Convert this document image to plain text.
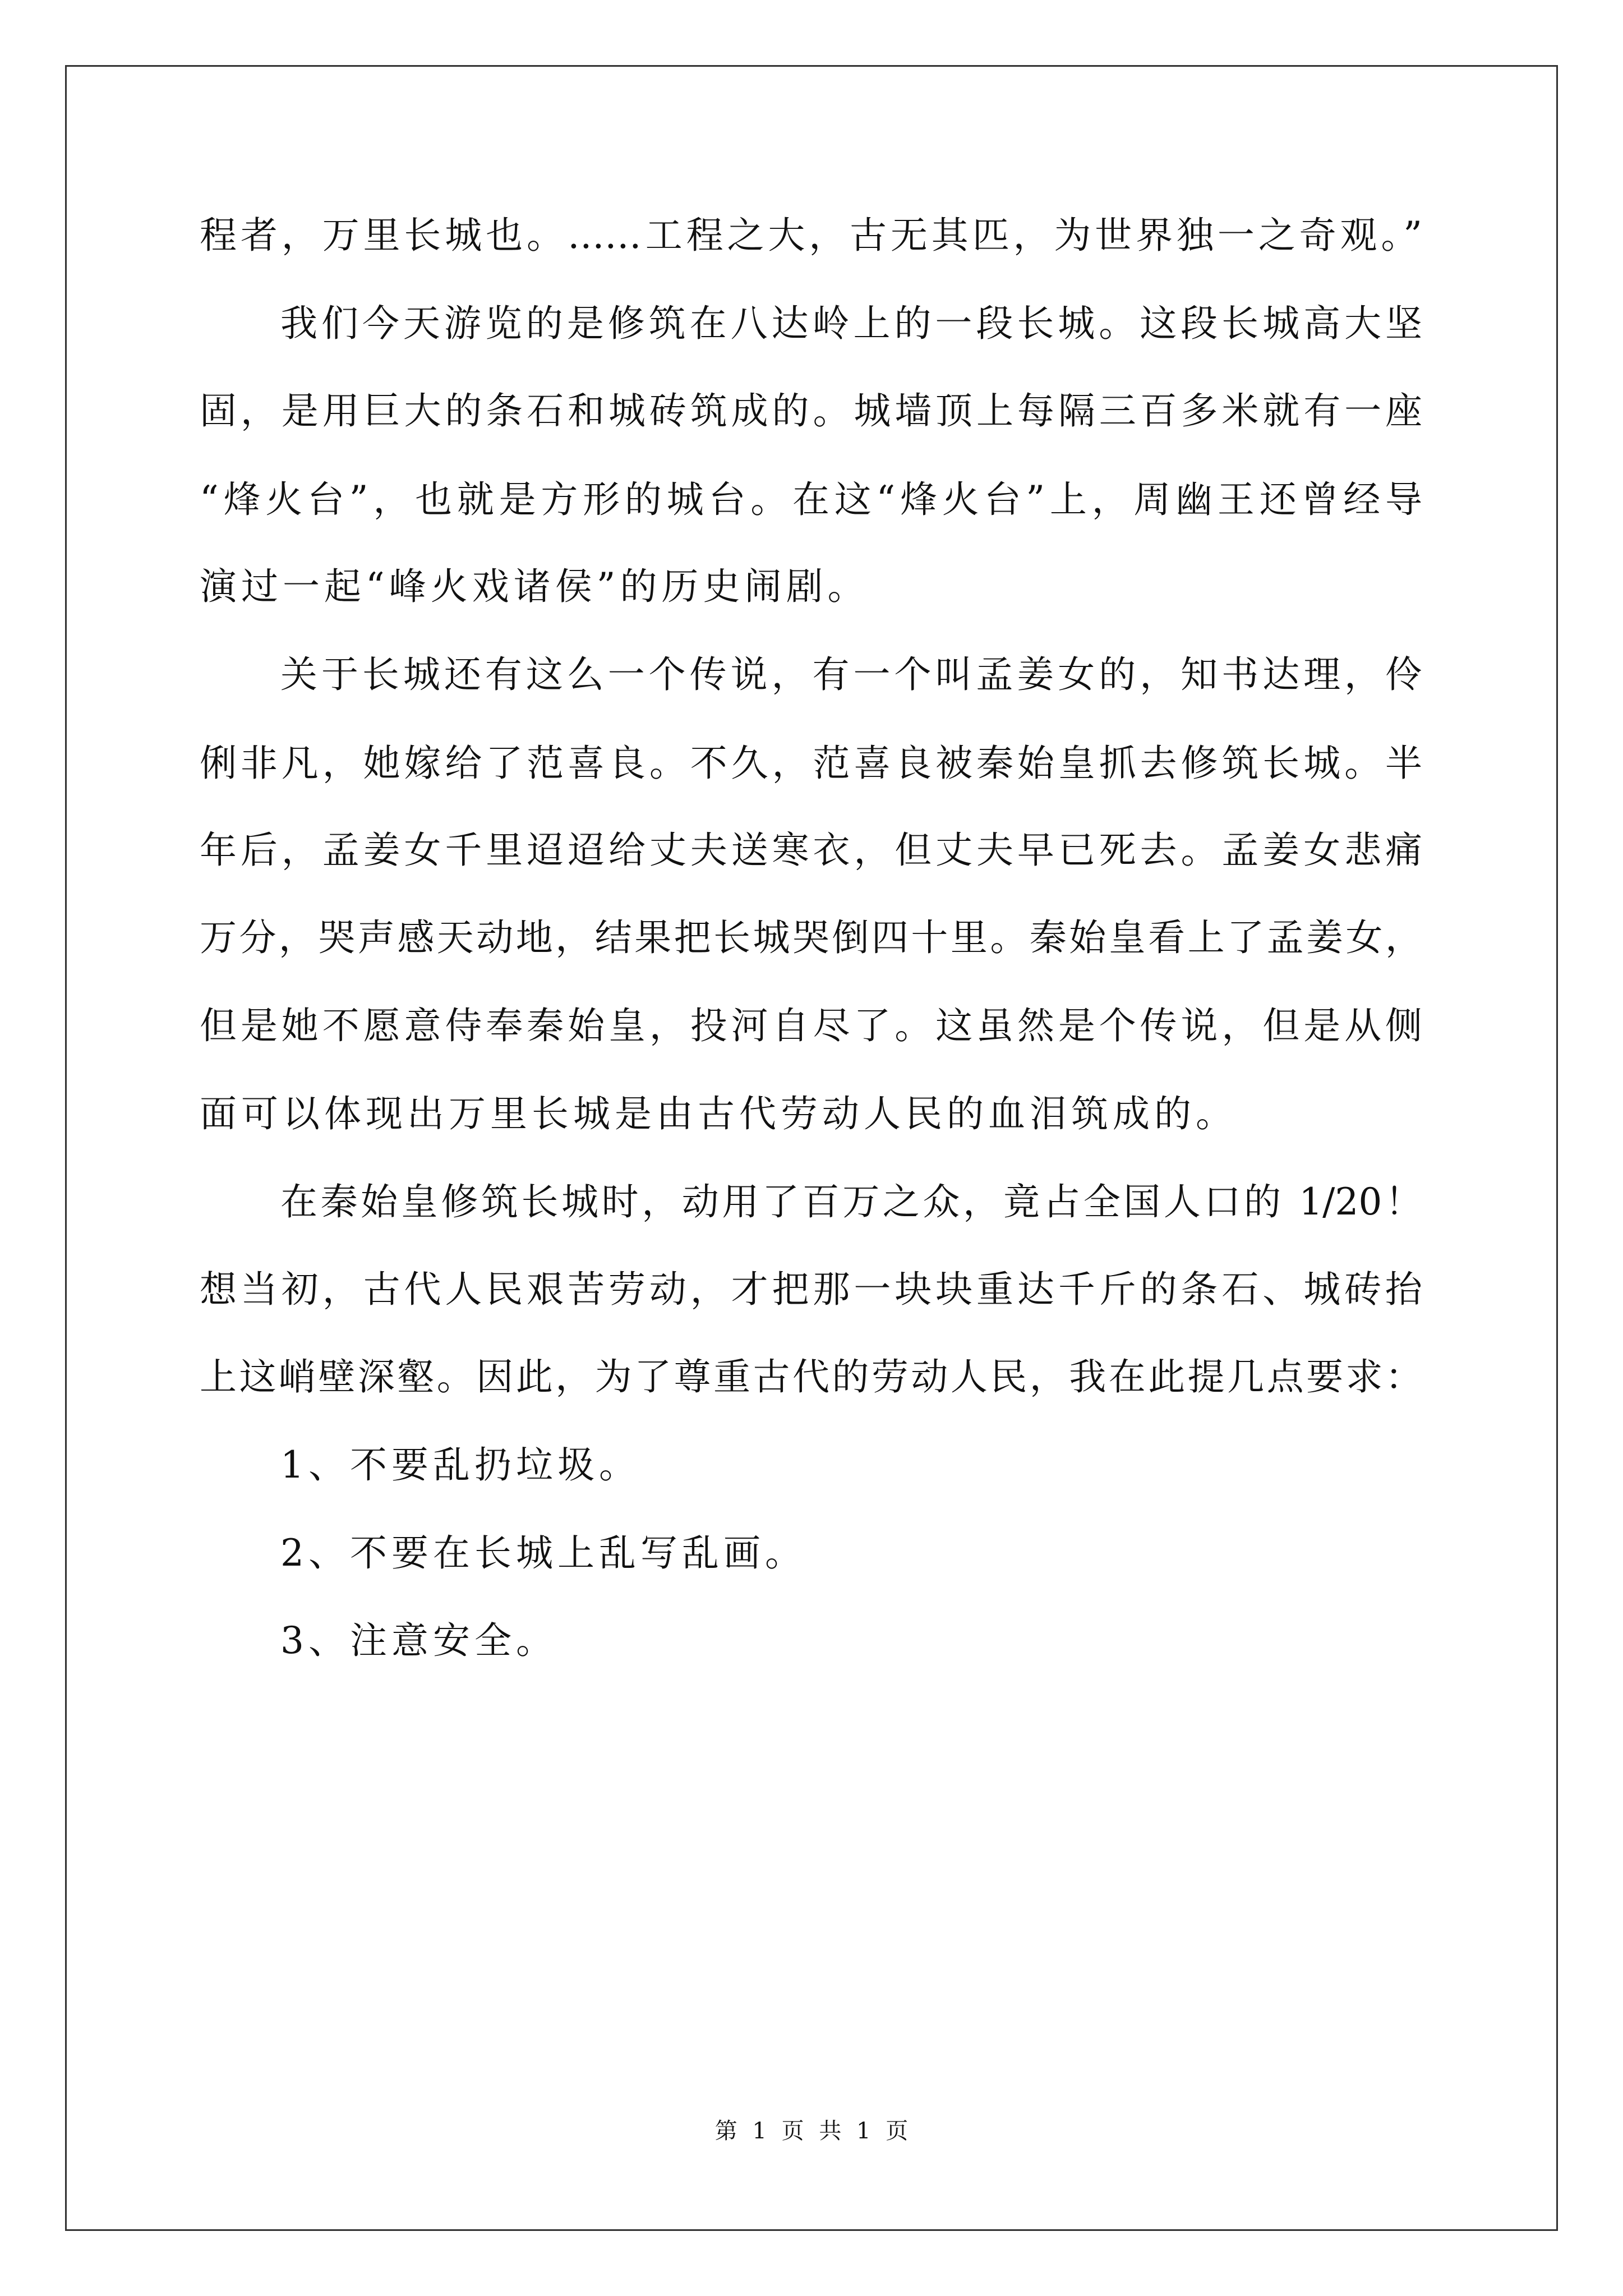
程者，万里长城也。……工程之大，古无其匹，为世界独一之奇观。”
我们今天游览的是修筑在八达岭上的一段长城。这段长城高大坚
固，是用巨大的条石和城砖筑成的。城墙顶上每隔三百多米就有一座
“烽火台”，也就是方形的城台。在这“烽火台”上，周幽王还曾经导
演过一起“峰火戏诸侯”的历史闹剧。
关于长城还有这么一个传说，有一个叫孟姜女的，知书达理，伶
俐非凡，她嫁给了范喜良。不久，范喜良被秦始皇抓去修筑长城。半
年后，孟姜女千里迢迢给丈夫送寒衣，但丈夫早已死去。孟姜女悲痛
万分，哭声感天动地，结果把长城哭倒四十里。秦始皇看上了孟姜女，
但是她不愿意侍奉秦始皇，投河自尽了。这虽然是个传说，但是从侧
面可以体现出万里长城是由古代劳动人民的血泪筑成的。
在秦始皇修筑长城时，动用了百万之众，竟占全国人口的 1/20！
想当初，古代人民艰苦劳动，才把那一块块重达千斤的条石、城砖抬
上这峭壁深壑。因此，为了尊重古代的劳动人民，我在此提几点要求：
1、不要乱扔垃圾。
2、不要在长城上乱写乱画。
3、注意安全。
第 1 页 共 1 页
